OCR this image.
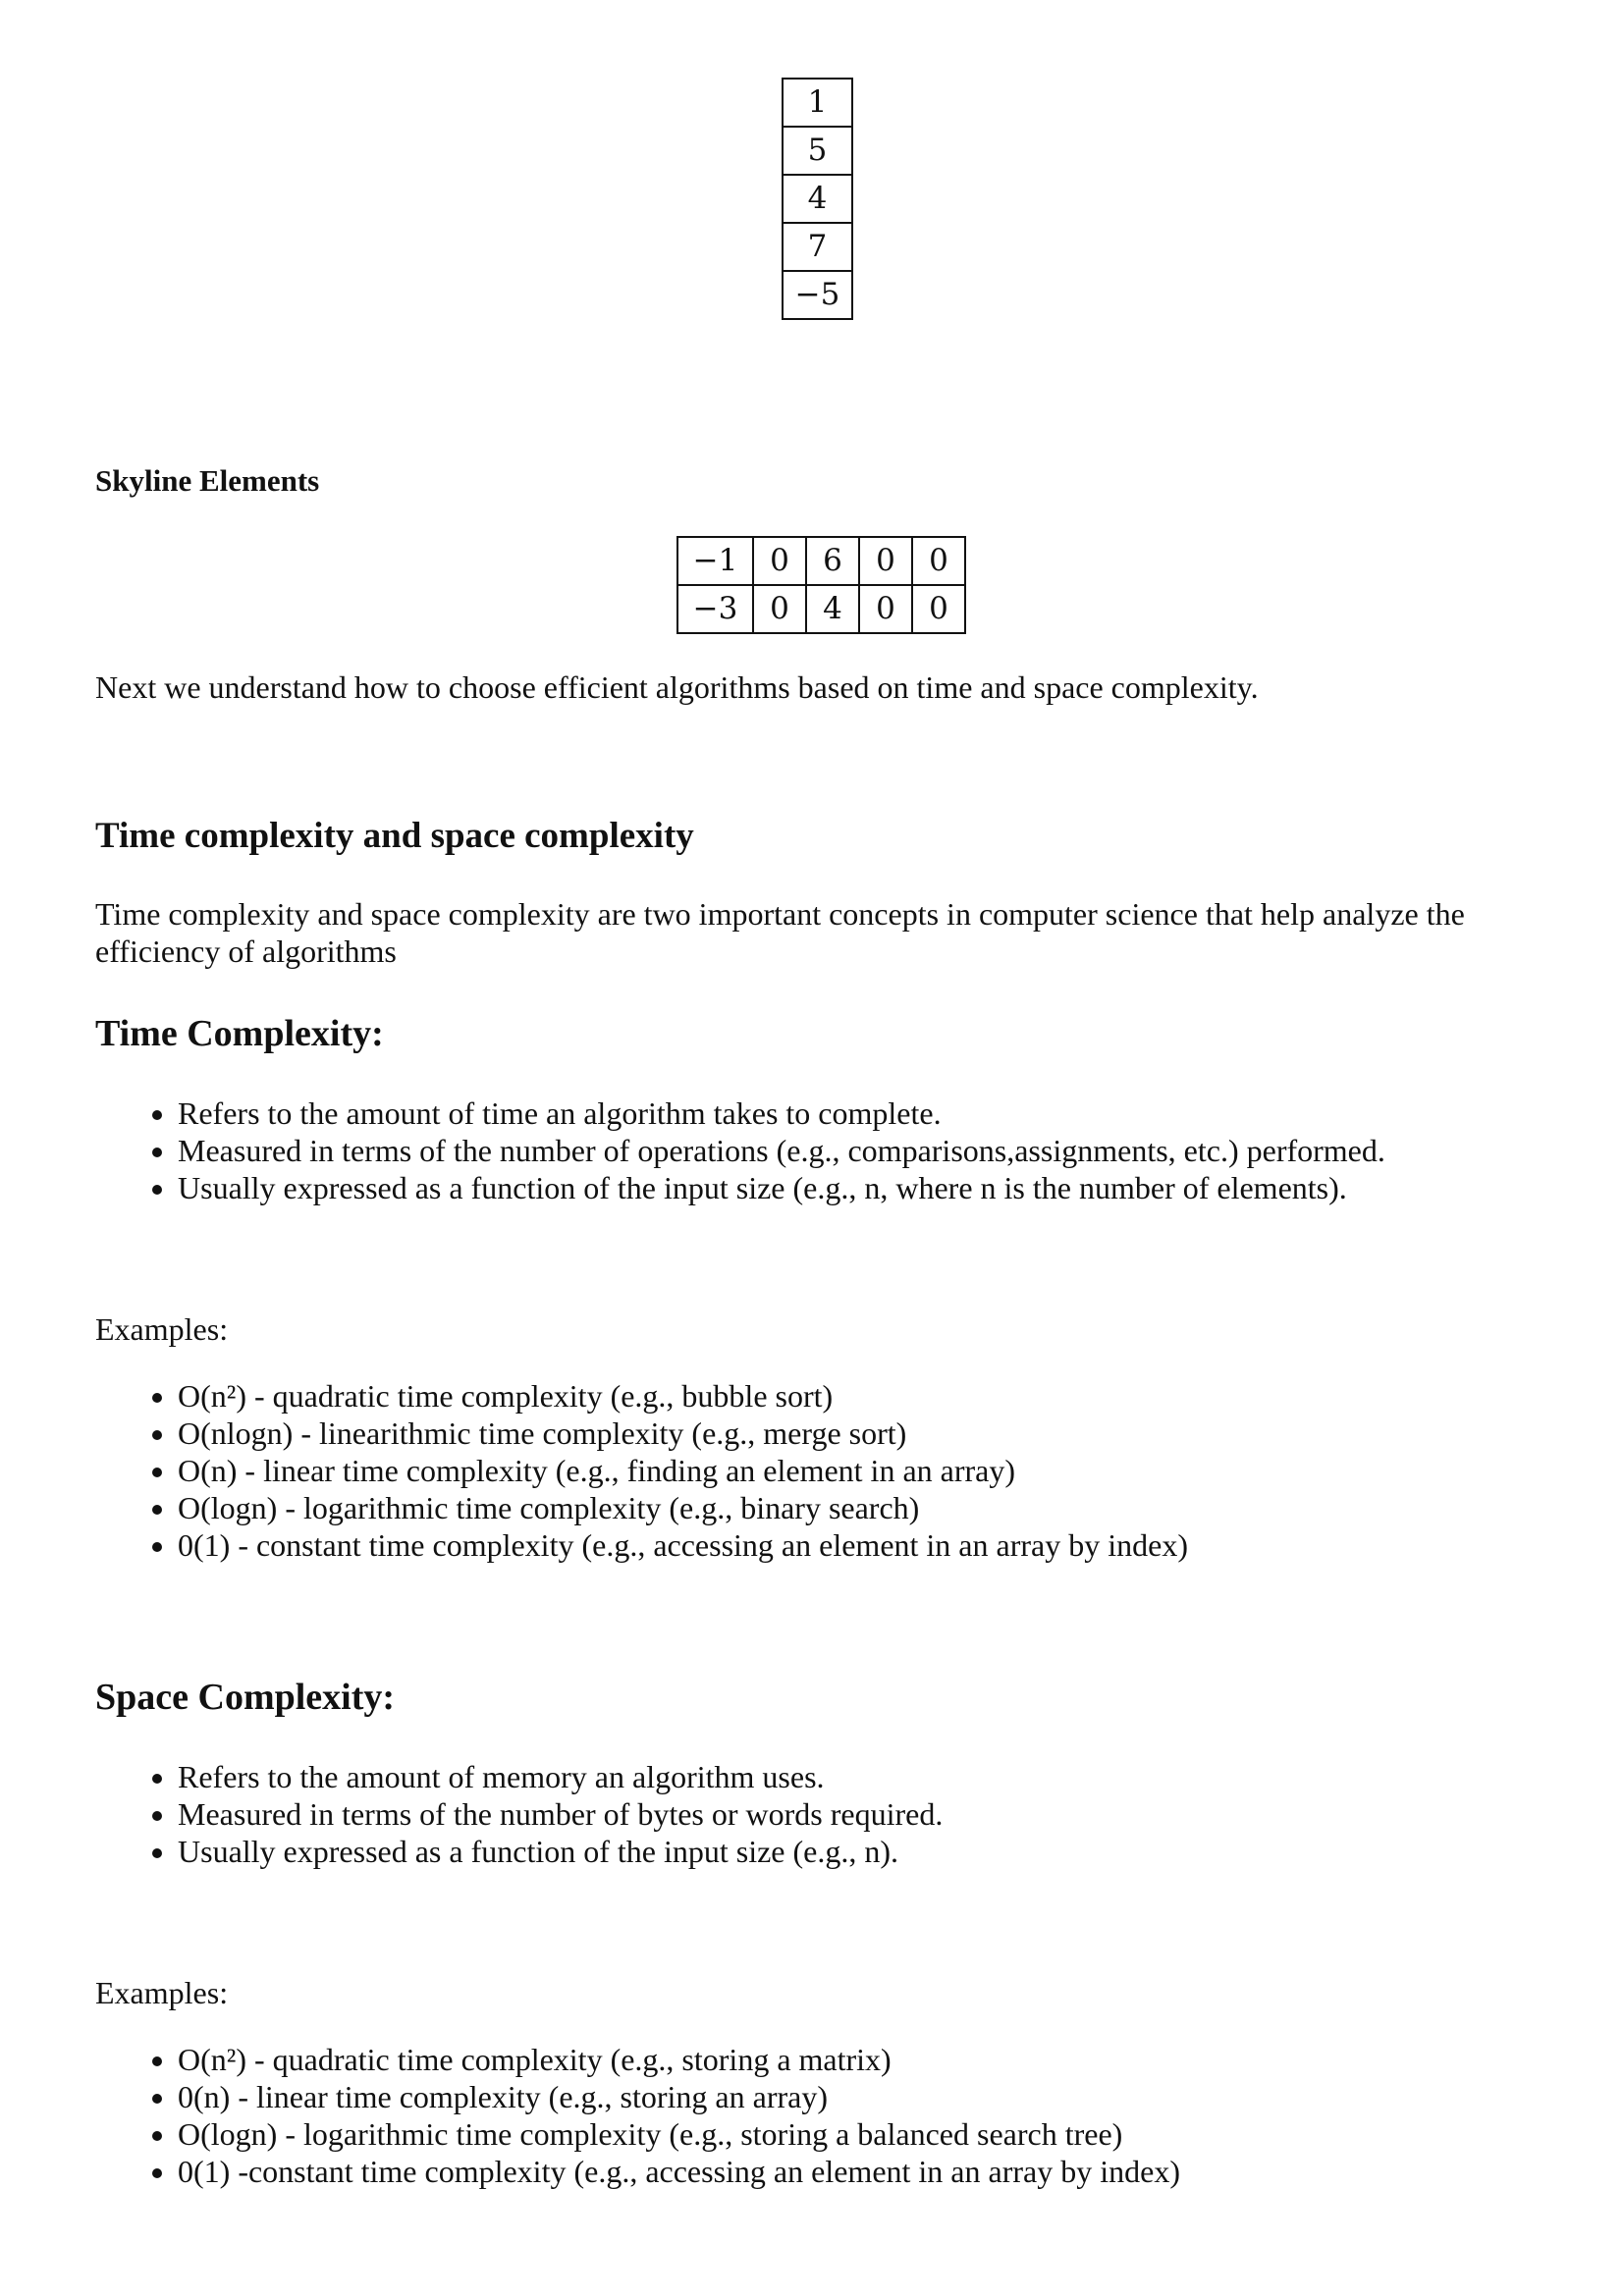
1
5
4
7
−5

Skyline Elements

−1	0	6	0	0
−3	0	4	0	0

Next we understand how to choose efficient algorithms based on time and space complexity.

Time complexity and space complexity

Time complexity and space complexity are two important concepts in computer science that help analyze the efficiency of algorithms

Time Complexity:
• Refers to the amount of time an algorithm takes to complete.
• Measured in terms of the number of operations (e.g., comparisons,assignments, etc.) performed.
• Usually expressed as a function of the input size (e.g., n, where n is the number of elements).

Examples:

• O(n²) - quadratic time complexity (e.g., bubble sort)
• O(nlogn) - linearithmic time complexity (e.g., merge sort)
• O(n) - linear time complexity (e.g., finding an element in an array)
• O(logn) - logarithmic time complexity (e.g., binary search)
• 0(1) - constant time complexity (e.g., accessing an element in an array by index)
Space Complexity:
• Refers to the amount of memory an algorithm uses.
• Measured in terms of the number of bytes or words required.
• Usually expressed as a function of the input size (e.g., n).

Examples:

• O(n²) - quadratic time complexity (e.g., storing a matrix)
• 0(n) - linear time complexity (e.g., storing an array)
• O(logn) - logarithmic time complexity (e.g., storing a balanced search tree)
• 0(1) -constant time complexity (e.g., accessing an element in an array by index)
